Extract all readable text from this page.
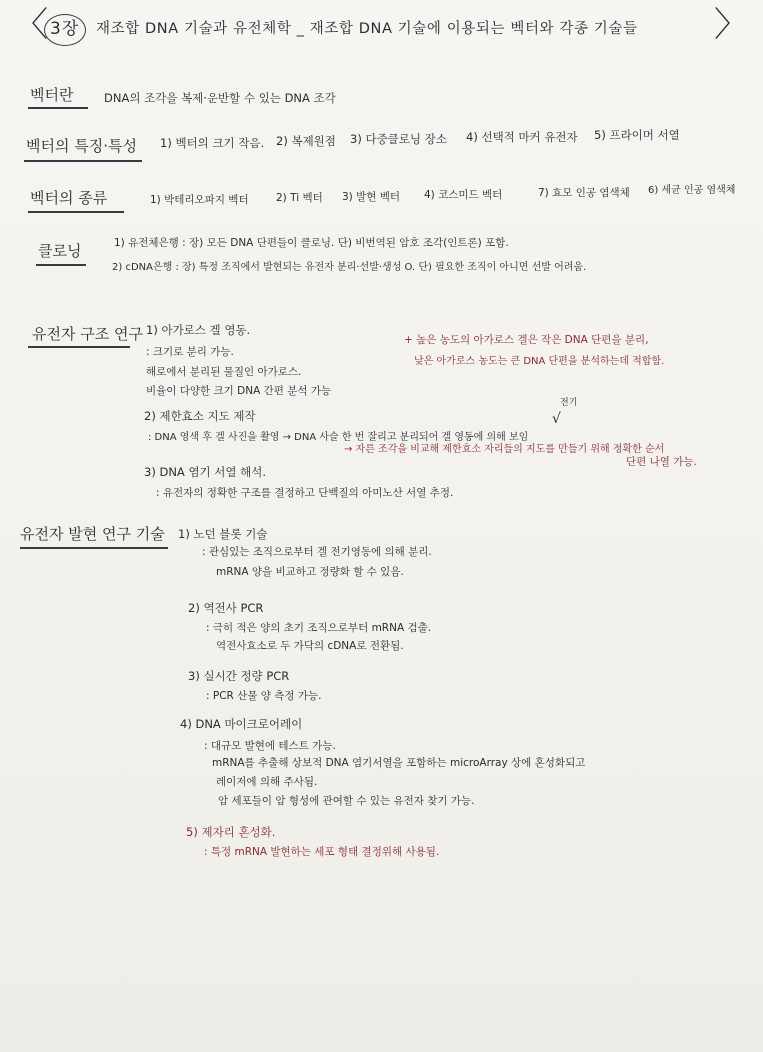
〈 3장 재조합 DNA 기술과 유전체학 _ 재조합 DNA 기술에 이용되는 벡터와 각종 기술들 〉
벡터란	DNA의 조각을 복제·운반할 수 있는 DNA 조각
벡터의 특징·특성 1) 벡터의 크기 작음. 2) 복제원점 3) 다중클로닝 장소 4) 선택적 마커 유전자 5) 프라이머 서열
벡터의 종류	1) 박테리오파지 벡터	2) Ti 벡터 3) 발현 벡터 4) 코스미드 벡터	7) 효모 인공 염색체 6) 세균 인공 염색체
클로닝	1) 유전체은행 : 장) 모든 DNA 단편들이 클로닝. 단) 비번역된 암호 조각(인트론) 포함.
2) cDNA은행 : 장) 특정 조직에서 발현되는 유전자 분리·선발·생성 O. 단) 필요한 조직이 아니면 선발 어려움.
유전자 구조 연구 1) 아가로스 겔 영동.
: 크기로 분리 가능.
해로에서 분리된 물질인 아가로스.
비율이 다양한 크기 DNA 간편 분석 가능
+ 높은 농도의 아가로스 겔은 작은 DNA 단편을 분리,
낮은 아가로스 농도는 큰 DNA 단편을 분석하는데 적합함.
2) 제한효소 지도 제작
전기
√
: DNA 영색 후 겔 사진을 촬영 → DNA 사슬 한 번 잘리고 분리되어 겔 영동에 의해 보임
→ 자른 조각을 비교해 제한효소 자리들의 지도를 만들기 위해 정확한 순서
단편 나열 가능.
3) DNA 염기 서열 해석.
: 유전자의 정확한 구조를 결정하고 단백질의 아미노산 서열 추정.
유전자 발현 연구 기술 1) 노던 블롯 기술
: 관심있는 조직으로부터 겔 전기영동에 의해 분리.
mRNA 양을 비교하고 정량화 할 수 있음.
2) 역전사 PCR
: 극히 적은 양의 초기 조직으로부터 mRNA 검출.
역전사효소로 두 가닥의 cDNA로 전환됨.
3) 실시간 정량 PCR
: PCR 산물 양 측정 가능.
4) DNA 마이크로어레이
: 대규모 발현에 테스트 가능.
mRNA를 추출해 상보적 DNA 염기서열을 포함하는 microArray 상에 혼성화되고
레이저에 의해 주사됨.
암 세포들이 암 형성에 관여할 수 있는 유전자 찾기 가능.
5) 제자리 혼성화.
: 특정 mRNA 발현하는 세포 형태 결정위해 사용됨.
